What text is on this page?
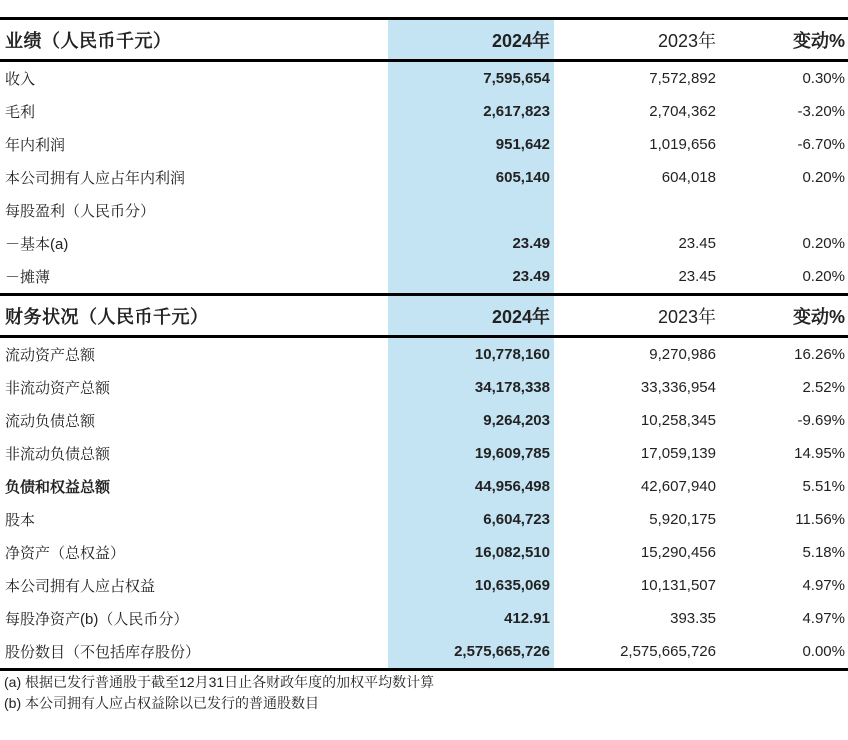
业绩（人民币千元）	2024年	2023年	变动%
收入	7,595,654	7,572,892	0.30%
毛利	2,617,823	2,704,362	-3.20%
年内利润	951,642	1,019,656	-6.70%
本公司拥有人应占年内利润	605,140	604,018	0.20%
每股盈利（人民币分）			
－基本(a)	23.49	23.45	0.20%
－摊薄	23.49	23.45	0.20%
财务状况（人民币千元）	2024年	2023年	变动%
流动资产总额	10,778,160	9,270,986	16.26%
非流动资产总额	34,178,338	33,336,954	2.52%
流动负债总额	9,264,203	10,258,345	-9.69%
非流动负债总额	19,609,785	17,059,139	14.95%
负债和权益总额	44,956,498	42,607,940	5.51%
股本	6,604,723	5,920,175	11.56%
净资产（总权益）	16,082,510	15,290,456	5.18%
本公司拥有人应占权益	10,635,069	10,131,507	4.97%
每股净资产(b)（人民币分）	412.91	393.35	4.97%
股份数目（不包括库存股份）	2,575,665,726	2,575,665,726	0.00%
(a) 根据已发行普通股于截至12月31日止各财政年度的加权平均数计算
(b) 本公司拥有人应占权益除以已发行的普通股数目
